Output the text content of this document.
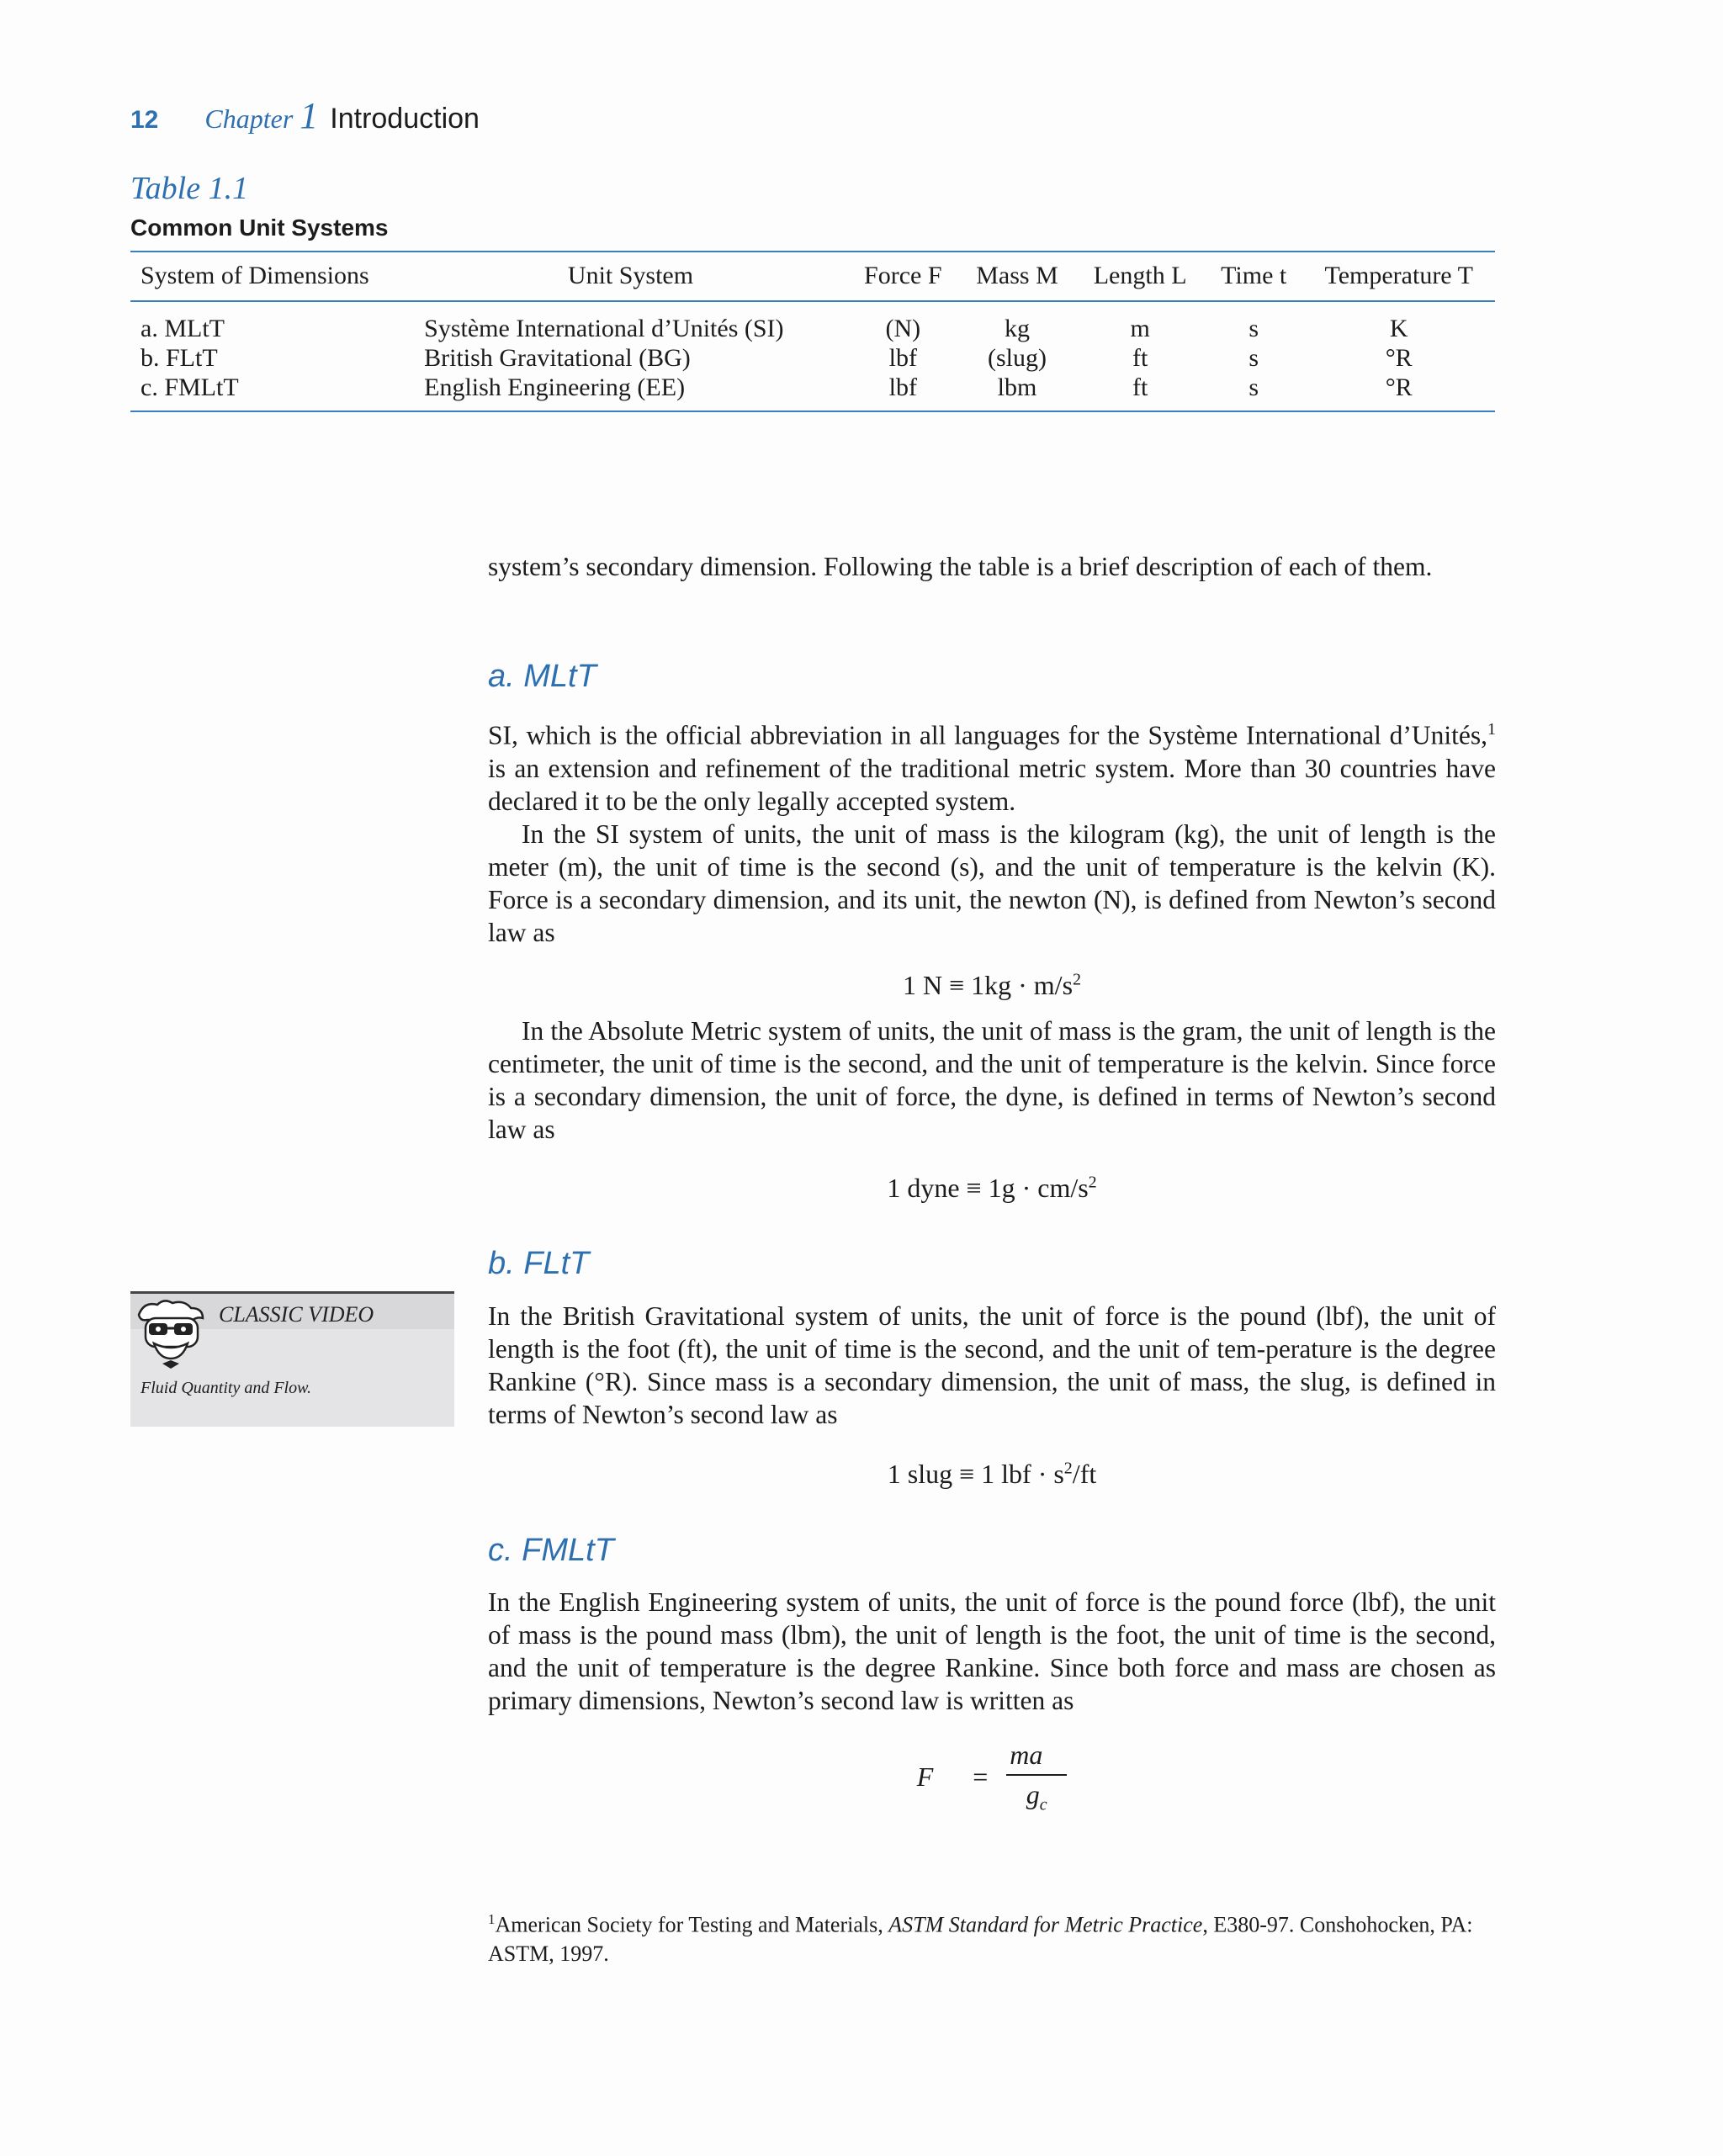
12 Chapter 1 Introduction
Table 1.1
Common Unit Systems
System of Dimensions	Unit System	Force F	Mass M	Length L	Time t	Temperature T
a. MLtT	Système International d’Unités (SI)	(N)	kg	m	s	K
b. FLtT	British Gravitational (BG)	lbf	(slug)	ft	s	°R
c. FMLtT	English Engineering (EE)	lbf	lbm	ft	s	°R

system’s secondary dimension. Following the table is a brief description of each of them.

a. MLtT

SI, which is the official abbreviation in all languages for the Système International d’Unités,$^1$ is an extension and refinement of the traditional metric system. More than 30 countries have declared it to be the only legally accepted system.

In the SI system of units, the unit of mass is the kilogram (kg), the unit of length is the meter (m), the unit of time is the second (s), and the unit of temperature is the kelvin (K). Force is a secondary dimension, and its unit, the newton (N), is defined from Newton’s second law as

1 $N \equiv 1kg \cdot m/s^2$

In the Absolute Metric system of units, the unit of mass is the gram, the unit of length is the centimeter, the unit of time is the second, and the unit of temperature is the kelvin. Since force is a secondary dimension, the unit of force, the dyne, is defined in terms of Newton’s second law as

1 dyne ≡ $1g \cdot cm/s^2$
b. FLtT

In the British Gravitational system of units, the unit of force is the pound (lbf), the unit of length is the foot (ft), the unit of time is the second, and the unit of tem-perature is the degree Rankine (°R). Since mass is a secondary dimension, the unit of mass, the slug, is defined in terms of Newton’s second law as

1 slug ≡ 1 lbf · $s^2/ft$
CLASSIC VIDEO
Fluid Quantity and Flow.
c. FMLtT

In the English Engineering system of units, the unit of force is the pound force (lbf), the unit of mass is the pound mass (lbm), the unit of length is the foot, the unit of time is the second, and the unit of temperature is the degree Rankine. Since both force and mass are chosen as primary dimensions, Newton’s second law is written as

F⃗ = $\frac{ma⃗}{g_c}$
$^1$American Society for Testing and Materials, ASTM Standard for Metric Practice, E380-97. Conshohocken, PA: ASTM, 1997.
